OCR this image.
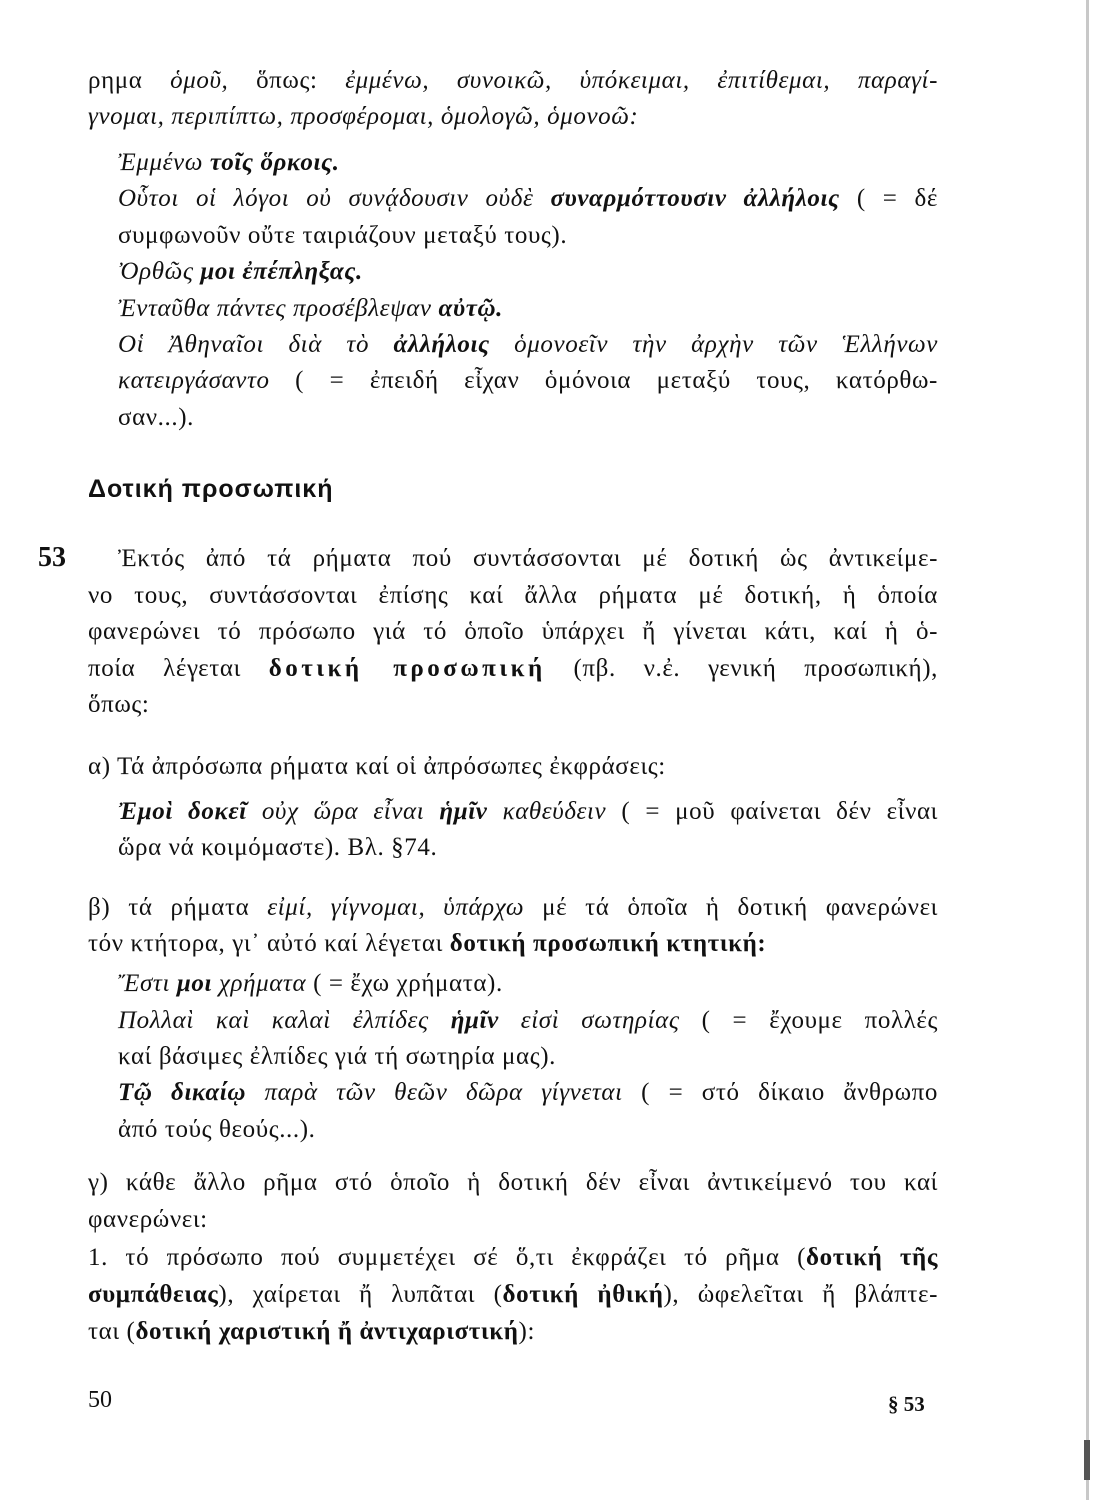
ρημα ὁμοῦ, ὅπως: ἐμμένω, συνοικῶ, ὑπόκειμαι, ἐπιτίθεμαι, παραγί-

γνομαι, περιπίπτω, προσφέρομαι, ὁμολογῶ, ὁμονοῶ:

Ἐμμένω τοῖς ὅρκοις.

Οὗτοι οἱ λόγοι οὐ συνᾴδουσιν οὐδὲ συναρμόττουσιν ἀλλήλοις ( = δέ

συμφωνοῦν οὔτε ταιριάζουν μεταξύ τους).

Ὀρθῶς μοι ἐπέπληξας.

Ἐνταῦθα πάντες προσέβλεψαν αὐτῷ.

Οἱ Ἀθηναῖοι διὰ τὸ ἀλλήλοις ὁμονοεῖν τὴν ἀρχὴν τῶν Ἑλλήνων

κατειργάσαντο ( = ἐπειδή εἶχαν ὁμόνοια μεταξύ τους, κατόρθω-

σαν...).

Δοτική προσωπική
53 Ἐκτός ἀπό τά ρήματα πού συντάσσονται μέ δοτική ὡς ἀντικείμε-

νο τους, συντάσσονται ἐπίσης καί ἄλλα ρήματα μέ δοτική, ἡ ὁποία

φανερώνει τό πρόσωπο γιά τό ὁποῖο ὑπάρχει ἤ γίνεται κάτι, καί ἡ ὁ-

ποία λέγεται δοτική προσωπική (πβ. ν.ἐ. γενική προσωπική),

ὅπως:

α) Τά ἀπρόσωπα ρήματα καί οἱ ἀπρόσωπες ἐκφράσεις:

Ἐμοὶ δοκεῖ οὐχ ὥρα εἶναι ἡμῖν καθεύδειν ( = μοῦ φαίνεται δέν εἶναι

ὥρα νά κοιμόμαστε). Βλ. §74.

β) τά ρήματα εἰμί, γίγνομαι, ὑπάρχω μέ τά ὁποῖα ἡ δοτική φανερώνει

τόν κτήτορα, γι᾿ αὐτό καί λέγεται δοτική προσωπική κτητική:

Ἔστι μοι χρήματα ( = ἔχω χρήματα).

Πολλαὶ καὶ καλαὶ ἐλπίδες ἡμῖν εἰσὶ σωτηρίας ( = ἔχουμε πολλές

καί βάσιμες ἐλπίδες γιά τή σωτηρία μας).

Τῷ δικαίῳ παρὰ τῶν θεῶν δῶρα γίγνεται ( = στό δίκαιο ἄνθρωπο

ἀπό τούς θεούς...).

γ) κάθε ἄλλο ρῆμα στό ὁποῖο ἡ δοτική δέν εἶναι ἀντικείμενό του καί

φανερώνει:

1. τό πρόσωπο πού συμμετέχει σέ ὅ,τι ἐκφράζει τό ρῆμα (δοτική τῆς

συμπάθειας), χαίρεται ἤ λυπᾶται (δοτική ἠθική), ὠφελεῖται ἤ βλάπτε-

ται (δοτική χαριστική ἤ ἀντιχαριστική):

50	§ 53
